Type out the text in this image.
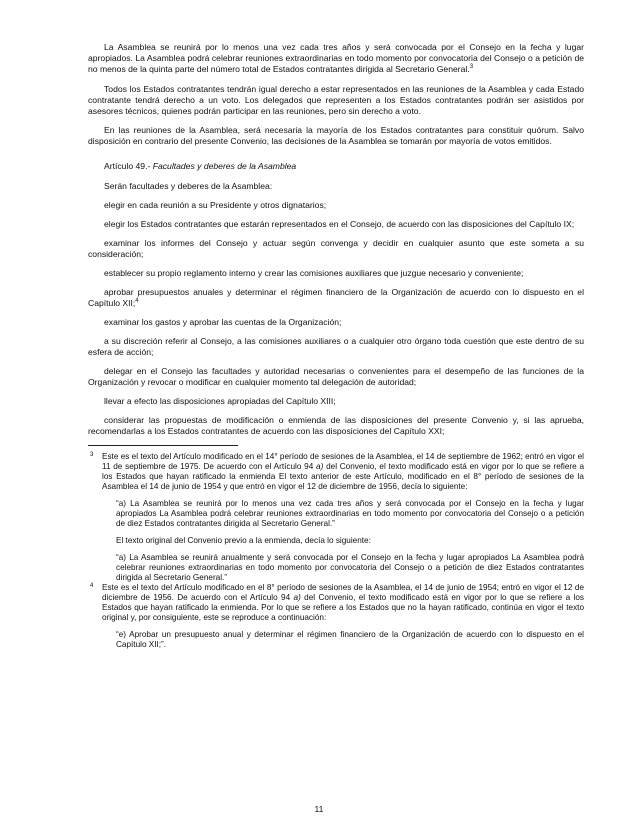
La Asamblea se reunirá por lo menos una vez cada tres años y será convocada por el Consejo en la fecha y lugar apropiados. La Asamblea podrá celebrar reuniones extraordinarias en todo momento por convocatoria del Consejo o a petición de no menos de la quinta parte del número total de Estados contratantes dirigida al Secretario General.$^3$

Todos los Estados contratantes tendrán igual derecho a estar representados en las reuniones de la Asamblea y cada Estado contratante tendrá derecho a un voto. Los delegados que representen a los Estados contratantes podrán ser asistidos por asesores técnicos, quienes podrán participar en las reuniones, pero sin derecho a voto.

En las reuniones de la Asamblea, será necesaria la mayoría de los Estados contratantes para constituir quórum. Salvo disposición en contrario del presente Convenio, las decisiones de la Asamblea se tomarán por mayoría de votos emitidos.

Artículo 49.- Facultades y deberes de la Asamblea

Serán facultades y deberes de la Asamblea:

elegir en cada reunión a su Presidente y otros dignatarios;

elegir los Estados contratantes que estarán representados en el Consejo, de acuerdo con las disposiciones del Capítulo IX;

examinar los informes del Consejo y actuar según convenga y decidir en cualquier asunto que este someta a su consideración;

establecer su propio reglamento interno y crear las comisiones auxiliares que juzgue necesario y conveniente;

aprobar presupuestos anuales y determinar el régimen financiero de la Organización de acuerdo con lo dispuesto en el Capítulo XII;$^4$

examinar los gastos y aprobar las cuentas de la Organización;

a su discreción referir al Consejo, a las comisiones auxiliares o a cualquier otro órgano toda cuestión que este dentro de su esfera de acción;

delegar en el Consejo las facultades y autoridad necesarias o convenientes para el desempeño de las funciones de la Organización y revocar o modificar en cualquier momento tal delegación de autoridad;

llevar a efecto las disposiciones apropiadas del Capítulo XIII;

considerar las propuestas de modificación o enmienda de las disposiciones del presente Convenio y, si las aprueba, recomendarlas a los Estados contratantes de acuerdo con las disposiciones del Capítulo XXI;

3 Este es el texto del Artículo modificado en el 14° período de sesiones de la Asamblea, el 14 de septiembre de 1962; entró en vigor el 11 de septiembre de 1975. De acuerdo con el Artículo 94 a) del Convenio, el texto modificado está en vigor por lo que se refiere a los Estados que hayan ratificado la enmienda El texto anterior de este Artículo, modificado en el 8° período de sesiones de la Asamblea el 14 de junio de 1954 y que entró en vigor el 12 de diciembre de 1956, decía lo siguiente:

“a) La Asamblea se reunirá por lo menos una vez cada tres años y será convocada por el Consejo en la fecha y lugar apropiados La Asamblea podrá celebrar reuniones extraordinarias en todo momento por convocatoria del Consejo o a petición de diez Estados contratantes dirigida al Secretario General.”

El texto original del Convenio previo a la enmienda, decía lo siguiente:

“a) La Asamblea se reunirá anualmente y será convocada por el Consejo en la fecha y lugar apropiados La Asamblea podrá celebrar reuniones extraordinarias en todo momento por convocatoria del Consejo o a petición de diez Estados contratantes dirigida al Secretario General.”

4 Este es el texto del Artículo modificado en el 8° período de sesiones de la Asamblea, el 14 de junio de 1954; entró en vigor el 12 de diciembre de 1956. De acuerdo con el Artículo 94 a) del Convenio, el texto modificado está en vigor por lo que se refiere a los Estados que hayan ratificado la enmienda. Por lo que se refiere a los Estados que no la hayan ratificado, continúa en vigor el texto original y, por consiguiente, este se reproduce a continuación:

“e) Aprobar un presupuesto anual y determinar el régimen financiero de la Organización de acuerdo con lo dispuesto en el Capítulo XII;”.

11
